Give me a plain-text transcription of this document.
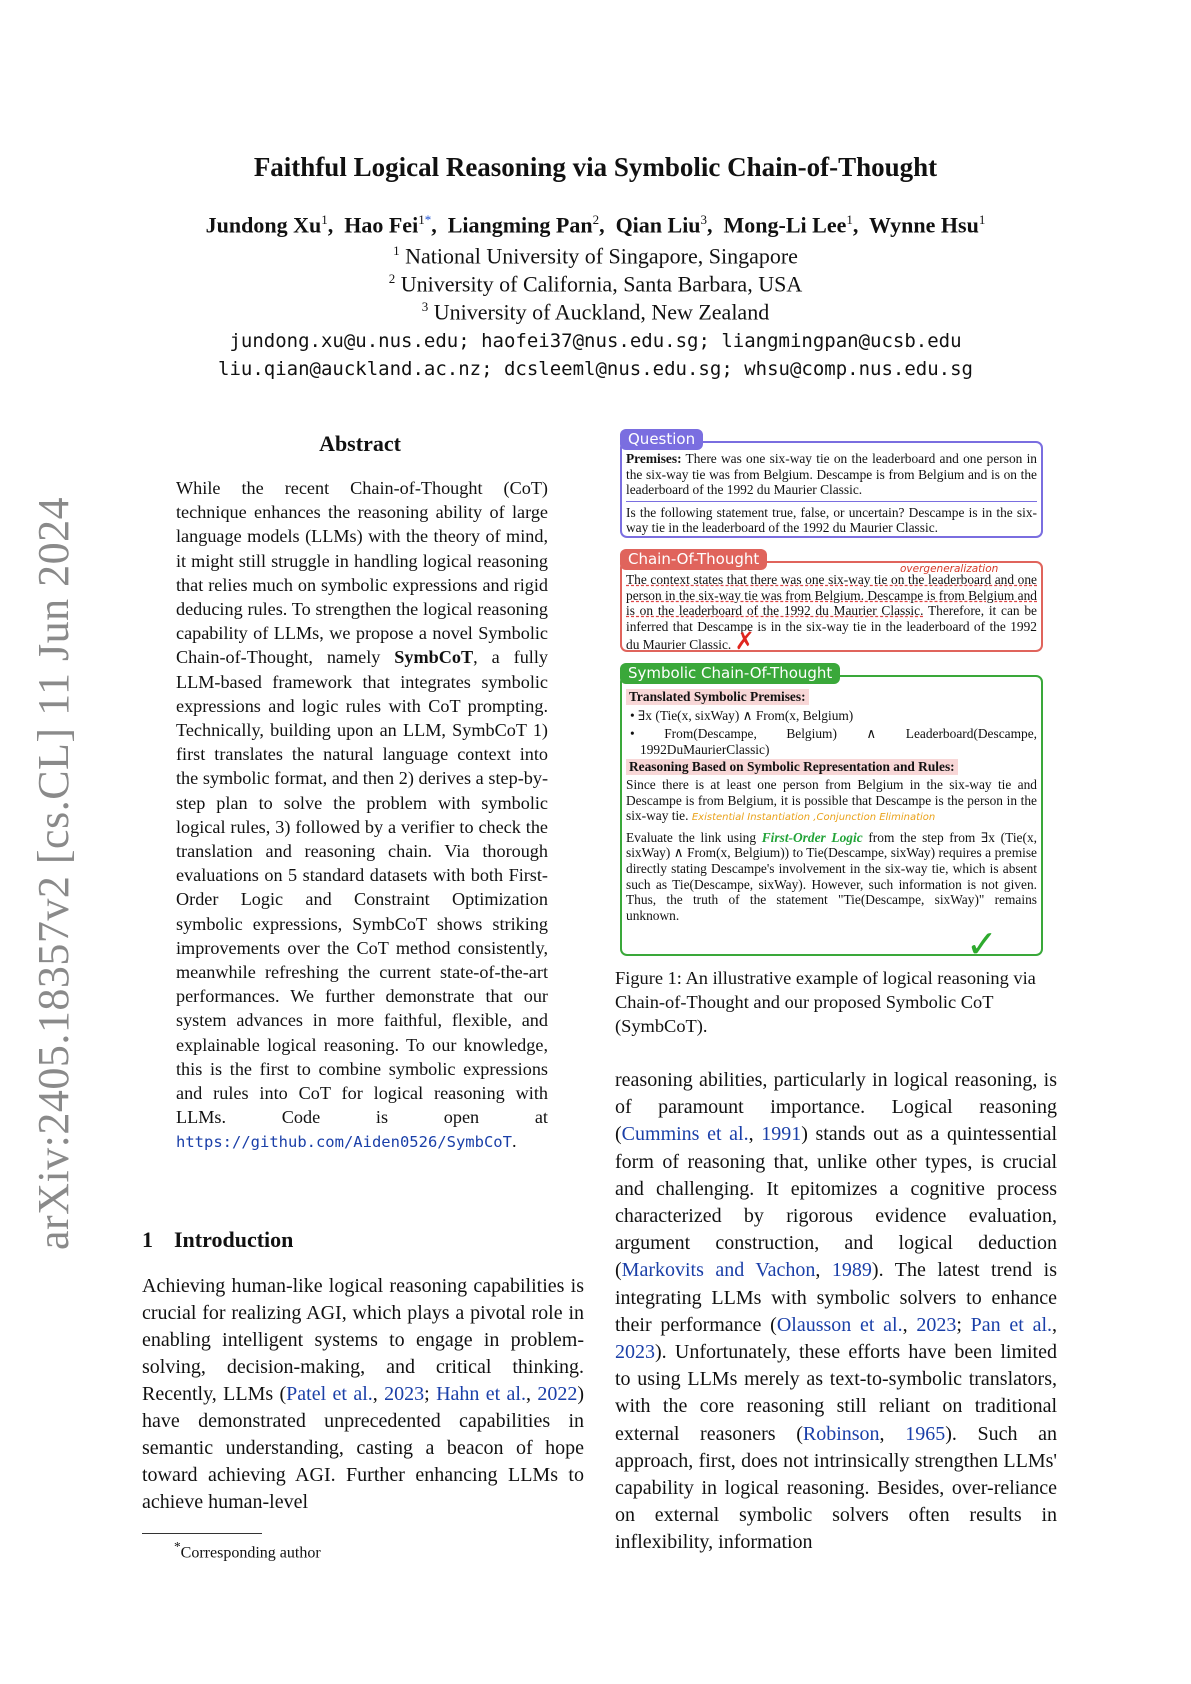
arXiv:2405.18357v2 [cs.CL] 11 Jun 2024
Faithful Logical Reasoning via Symbolic Chain-of-Thought
Jundong Xu$^1$,  Hao Fei$^{1*}$,  Liangming Pan$^2$,  Qian Liu$^3$,  Mong-Li Lee$^1$,  Wynne Hsu$^1$
$^1$ National University of Singapore, Singapore
$^2$ University of California, Santa Barbara, USA
$^3$ University of Auckland, New Zealand
jundong.xu@u.nus.edu; haofei37@nus.edu.sg; liangmingpan@ucsb.edu
liu.qian@auckland.ac.nz; dcsleeml@nus.edu.sg; whsu@comp.nus.edu.sg
Abstract
While the recent Chain-of-Thought (CoT) technique enhances the reasoning ability of large language models (LLMs) with the theory of mind, it might still struggle in handling logical reasoning that relies much on symbolic expressions and rigid deducing rules. To strengthen the logical reasoning capability of LLMs, we propose a novel Symbolic Chain-of-Thought, namely SymbCoT, a fully LLM-based framework that integrates symbolic expressions and logic rules with CoT prompting. Technically, building upon an LLM, SymbCoT 1) first translates the natural language context into the symbolic format, and then 2) derives a step-by-step plan to solve the problem with symbolic logical rules, 3) followed by a verifier to check the translation and reasoning chain. Via thorough evaluations on 5 standard datasets with both First-Order Logic and Constraint Optimization symbolic expressions, SymbCoT shows striking improvements over the CoT method consistently, meanwhile refreshing the current state-of-the-art performances. We further demonstrate that our system advances in more faithful, flexible, and explainable logical reasoning. To our knowledge, this is the first to combine symbolic expressions and rules into CoT for logical reasoning with LLMs. Code is open at https://github.com/Aiden0526/SymbCoT.
1 Introduction
Achieving human-like logical reasoning capabilities is crucial for realizing AGI, which plays a pivotal role in enabling intelligent systems to engage in problem-solving, decision-making, and critical thinking. Recently, LLMs (Patel et al., 2023; Hahn et al., 2022) have demonstrated unprecedented capabilities in semantic understanding, casting a beacon of hope toward achieving AGI. Further enhancing LLMs to achieve human-level
reasoning abilities, particularly in logical reasoning, is of paramount importance. Logical reasoning (Cummins et al., 1991) stands out as a quintessential form of reasoning that, unlike other types, is crucial and challenging. It epitomizes a cognitive process characterized by rigorous evidence evaluation, argument construction, and logical deduction (Markovits and Vachon, 1989). The latest trend is integrating LLMs with symbolic solvers to enhance their performance (Olausson et al., 2023; Pan et al., 2023). Unfortunately, these efforts have been limited to using LLMs merely as text-to-symbolic translators, with the core reasoning still reliant on traditional external reasoners (Robinson, 1965). Such an approach, first, does not intrinsically strengthen LLMs' capability in logical reasoning. Besides, over-reliance on external symbolic solvers often results in inflexibility, information
*Corresponding author
Premises: There was one six-way tie on the leaderboard and one person in the six-way tie was from Belgium. Descampe is from Belgium and is on the leaderboard of the 1992 du Maurier Classic.
Is the following statement true, false, or uncertain? Descampe is in the six-way tie in the leaderboard of the 1992 du Maurier Classic.
Question
The context states that there was one six-way tie on the leaderboard and one person in the six-way tie was from Belgium. Descampe is from Belgium and is on the leaderboard of the 1992 du Maurier Classic. Therefore, it can be inferred that Descampe is in the six-way tie in the leaderboard of the 1992 du Maurier Classic. ✗
Chain-Of-Thought
overgeneralization
Translated Symbolic Premises:
• ∃x (Tie(x, sixWay) ∧ From(x, Belgium)
• From(Descampe, Belgium) ∧ Leaderboard(Descampe, 1992DuMaurierClassic)
Reasoning Based on Symbolic Representation and Rules:
Since there is at least one person from Belgium in the six-way tie and Descampe is from Belgium, it is possible that Descampe is the person in the six-way tie. Existential Instantiation ,Conjunction Elimination
Evaluate the link using First-Order Logic from the step from ∃x (Tie(x, sixWay) ∧ From(x, Belgium)) to Tie(Descampe, sixWay) requires a premise directly stating Descampe's involvement in the six-way tie, which is absent such as Tie(Descampe, sixWay). However, such information is not given. Thus, the truth of the statement "Tie(Descampe, sixWay)" remains unknown.
Symbolic Chain-Of-Thought
✓
Figure 1: An illustrative example of logical reasoning via Chain-of-Thought and our proposed Symbolic CoT (SymbCoT).
